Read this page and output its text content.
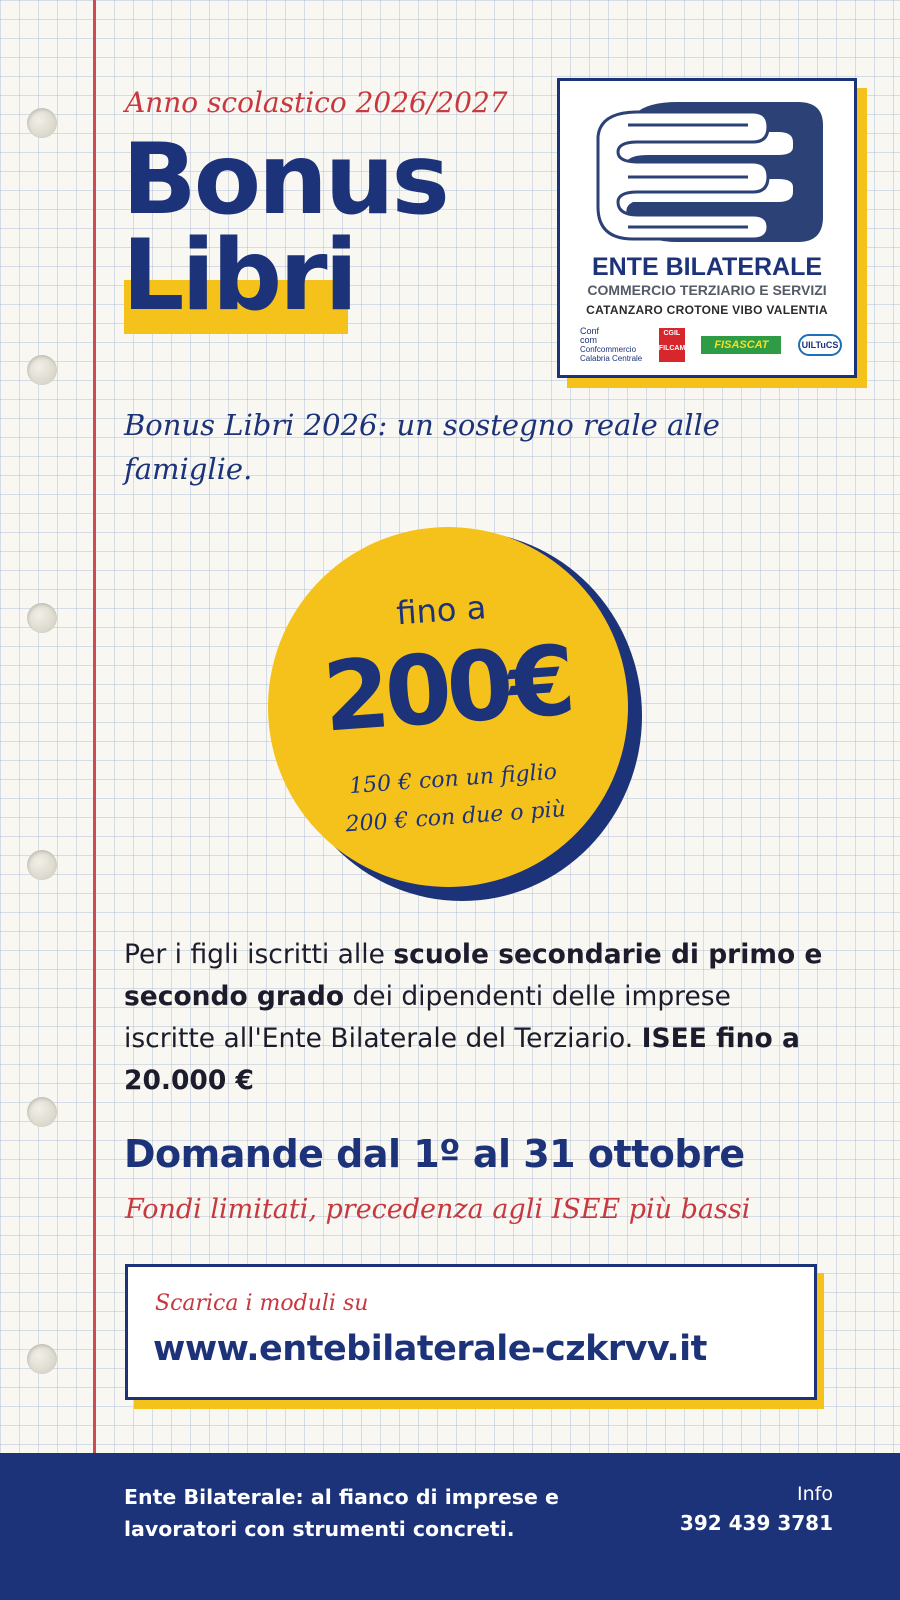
Anno scolastico 2026/2027
Bonus
Libri	ENTE BILATERALE
COMMERCIO TERZIARIO E SERVIZI
CATANZARO CROTONE VIBO VALENTIA
Conf
com
Confcommercio
Calabria Centrale
CGIL
FILCAMS	FISASCAT	UILTuCS
Bonus Libri 2026: un sostegno reale alle famiglie.
fino a
200€
150 € con un figlio
200 € con due o più
Per i figli iscritti alle scuole secondarie di primo e secondo grado dei dipendenti delle imprese iscritte all'Ente Bilaterale del Terziario. ISEE fino a 20.000 €
Domande dal 1º al 31 ottobre
Fondi limitati, precedenza agli ISEE più bassi
Scarica i moduli su
www.entebilaterale-czkrvv.it
Ente Bilaterale: al fianco di imprese e lavoratori con strumenti concreti.
Info
392 439 3781
